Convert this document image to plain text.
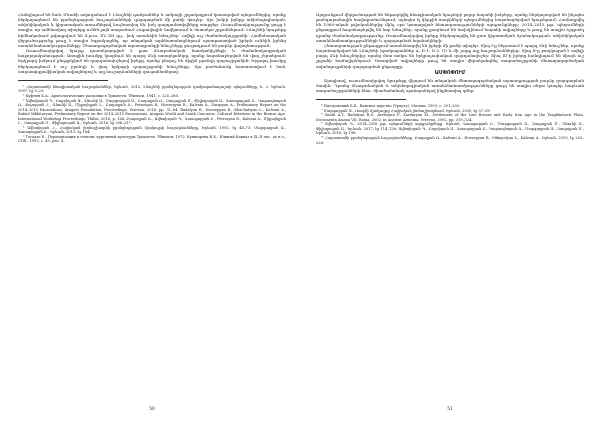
Հանդիպում են նաև Սևանի ավազանում 1 Լճաշենի դամբաններ և ամրոցի շրջակայքում կատարված պեղումներից, որոնք ներկայացնում են բրոնզեդարյան հուշարձանների զարգացման մի քանի փուլեր։ Այս խմբի իրերը տեխնոլոգիական, տեխնիկական և կիրառական առումներով նույնատիպ են, իսկ զարդամոտիվները տարբեր։ Ուսումնասիրությունը ցույց է տալիս, որ ամենավաղ տիպերը ունեն լայն տարածում Հարավային Կովկասում և մոտակա շրջաններում։ Լճաշենի նյութերը հիմնականում թվագրվում են մ.թ.ա. XV–XII դդ., իսկ առանձին նմուշներ՝ ավելի ուշ ժամանակաշրջանի։ Համեմատական վերլուծությունը թույլ է տալիս եզրակացնել, որ տեղական արհեստանոցներում պատրաստված իրերն ունեին իրենց առանձնահատկությունները։ Մետաղագործական արտադրանքի նմուշները ցուցադրում են բարձր վարպետություն։

Ուսումնասիրվող նյութը դասակարգված է ըստ ձևաբանական հատկանիշների և ժամանակագրական հաջորդականության։ Առաջին խումբը կազմում են պարզ ձևի առարկաները, որոնք հայտնաբերված են վաղ շերտերում։ Երկրորդ խմբում ընդգրկված են զարդանախշերով իրերը, որոնք բնորոշ են միջին բրոնզի դարաշրջանին։ Երրորդ խումբը ներկայացնում է ուշ բրոնզի և վաղ երկաթի դարաշրջանի նմուշները։ Այս բաժանումը հաստատվում է նաև ստրատիգրաֆիական տվյալներով և այլ հուշարձանների զուգահեռներով։

¹ Հայաստանի հնագիտական հուշարձաններ, Երևան, 2012, Լճաշենի բրոնզեդարյան դամբարանադաշտի պեղումները, հ. 2, Երևան, 1987, էջ 9–23։

² Куфтин Б.А., Археологические раскопки в Триалети, Тбилиси, 1941, с. 225–288.

³ Ավետիսյան Պ., Բոբոխյան Ա., Գնունի Ա., Մարգարյան Ա., Բադալյան Ռ., Զադալյան Մ., Փիլիպոսյան Ա., Գասպարյան Բ., Կարապետյան Ռ., Քոչարյան Հ., Գնունի Ա., Միքայելյան Լ., Բադալյան Ռ., Petrosyan R., Hovsepyan R., Kalvani A., Sargsyan A., Preliminary Report on the 2014–2015 Excavations, Aragats Foundation, Proceedings, Yerevan, 2016, pp. 31–64. Badalyan R., Hovsepyan R., Khachatryan L., Kalvani A., Rafael Mkhitaryan, Preliminary Report on the 2014–2015 Excavations. Aragats World and South Caucasus. Cultural Relations in the Bronze Age. International Workshop Proceedings, Tbilisi, 2016, p. 164. Բադալյան Ռ., Ավետիսյան Պ., Գասպարյան Բ., Petrosyan R., Kalvani A., Միքայելյան Լ., Զադալյան Մ., Փիլիպոսյան Ա., Երևան, 2016, էջ 206–217։

⁴ Ավետիսյան Հ., Հայկական լեռնաշխարհի բրոնզեդարյան մշակույթի հուշարձանները, Երևան, 1992, էջ 48–73։ Մարգարյան Ա., Գասպարյան Բ., Երևան, 2013, էջ 184։

⁵ Гогадзе Е., Периодизация и генезис курганной культуры Триалети, Тбилиси, 1972. Кушнарева К.Х., Южный Кавказ в IX–II тыс. до н.э., СПб., 1993, с. 45, рис. 4.

50

Արդյունքում վերլուծության են ենթարկվել հնագիտական նյութերի բոլոր հայտնի խմբերը, որոնք ներկայացված են ինչպես թանգարանային հավաքածուներում, այնպես էլ վերջին տարիների պեղումներից հայտնաբերված նյութերում։ Համադրվել են 1980-ական թվականներից մինչ օրս կատարված հետազոտությունների արդյունքները։ 2014–2015 թթ. պեղումների ընթացքում հայտնաբերվել են նոր նմուշներ, որոնք լրացնում են նախկինում հայտնի տվյալները և թույլ են տալիս ճշգրտել դրանց ժամանակագրությունը։ Ուսումնասիրվող իրերը ներկայացվել են ըստ կիրառական նշանակության, տեխնիկական առանձնահատկությունների և զարդարման եղանակների։

Հետազոտության ընթացքում առանձնացվել են իրերի մի քանի տիպեր։ Տիպ I-ը ներառում է պարզ ձևի նմուշներ, որոնք հայտնաբերված են Լճաշենի (դամբարաններ A, D-1, D-2, G) և մի շարք այլ հուշարձաններից։ Տիպ II-ը բաղկացած է ավելի բարդ ձևի նմուշներից, որոնց մոտ առկա են երկրաչափական զարդանախշեր։ Տիպ III-ի իրերը հանդիպում են միայն ուշ շրջանի համալիրներում։ Ստացված տվյալները թույլ են տալիս վերականգնել տարածաշրջանի մետաղագործական ավանդույթների զարգացման ընթացքը։

ԱՄՓՈՓՈՒՄ

Այսպիսով, ուսումնասիրվող նյութերը վկայում են տեղական մետաղագործական արտադրության բարձր զարգացման մասին։ Դրանց ձևաբանական և տեխնոլոգիական առանձնահատկությունները ցույց են տալիս սերտ կապեր հարևան տարածաշրջանների հետ, միաժամանակ պահպանելով ինքնատիպ գծեր։

⁶ Пиотровский Б.Б., Ванское царство (Урарту), Москва, 1959, с. 201–203.

⁷ Մարգարյան Ա., Ռազմի մշակույթը Հայկական լեռնաշխարհում, Երևան, 2005, էջ 57–59։

⁸ Smith A.T., Badalyan R.S., Avetisyan P., Zardaryan M., Settlement of the Late Bronze and Early Iron Age in the Tsaghkahovit Plain, Documenta Asiana VII, Roma, 2002, in Ancient Armenia, Yerevan, 2002, pp. 319–324.

⁹ Ավետիսյան Պ., 2014–2016 թթ. պեղումների արդյունքները, Երևան, Գասպարյան Բ., Մարգարյան Ա., Զադալյան Մ., Գնունի Ա., Փիլիպոսյան Ա., Երևան, 2017, էջ 114–126։ Ավետիսյան Պ., Բոբոխյան Ա., Գասպարյան Բ., Կարապետյան Ռ., Մարգարյան Ա., Զադալյան Մ., Երևան, 2016, էջ 196։

¹⁰ Հայաստանի բրոնզեդարյան հուշարձանները, Բադալյան Ռ., Kalvani A., Hovsepyan R., Mikayelyan L., Kalvani A., Երևան, 2019, էջ 203–226։

51
